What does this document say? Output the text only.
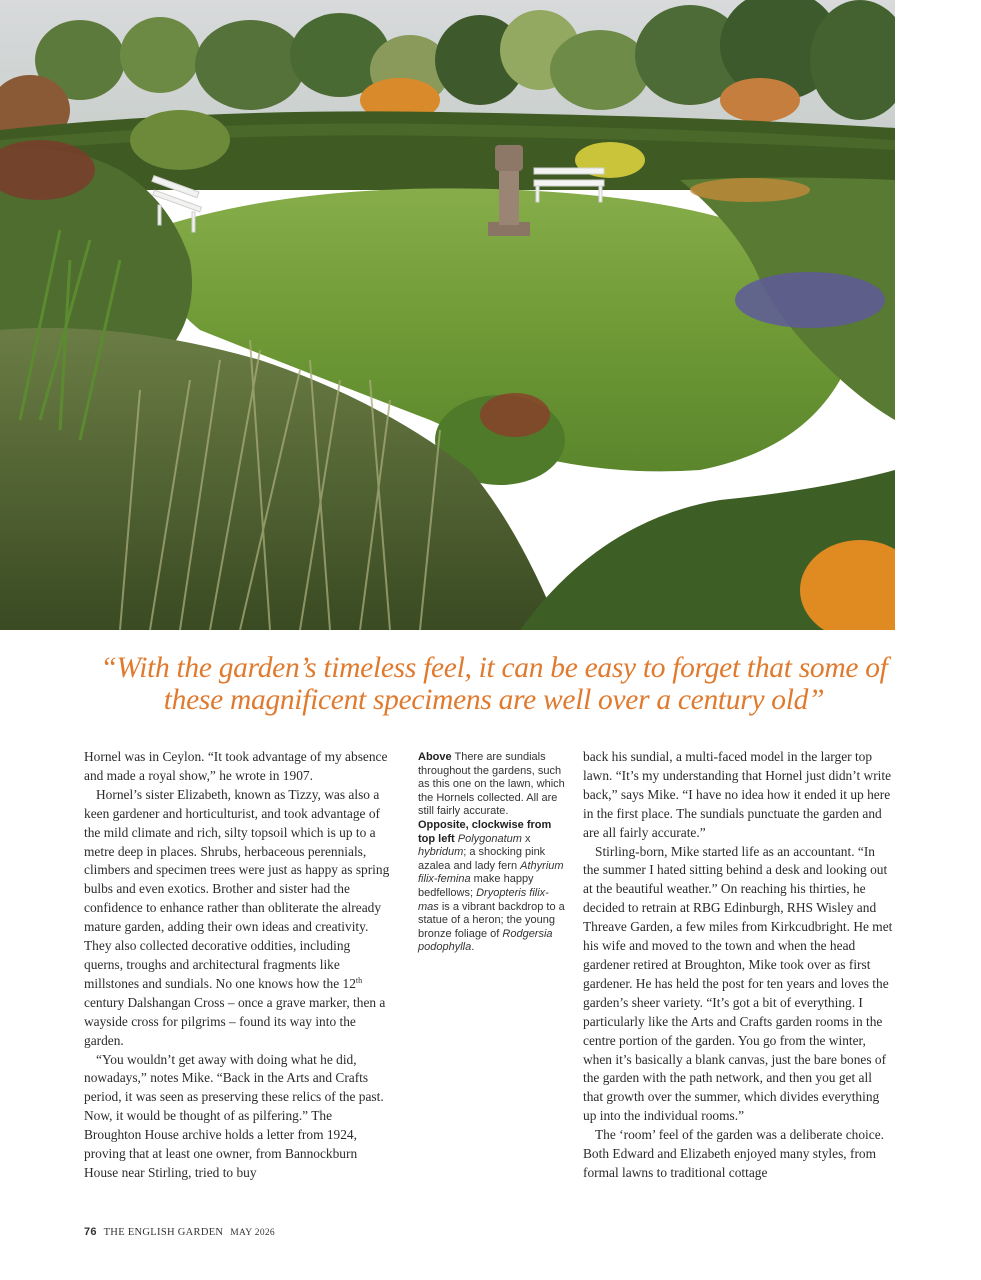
“With the garden’s timeless feel, it can be easy to forget that some of
these magnificent specimens are well over a century old”

Hornel was in Ceylon. “It took advantage of my absence and made a royal show,” he wrote in 1907.

Hornel’s sister Elizabeth, known as Tizzy, was also a keen gardener and horticulturist, and took advantage of the mild climate and rich, silty topsoil which is up to a metre deep in places. Shrubs, herbaceous perennials, climbers and specimen trees were just as happy as spring bulbs and even exotics. Brother and sister had the confidence to enhance rather than obliterate the already mature garden, adding their own ideas and creativity. They also collected decorative oddities, including querns, troughs and architectural fragments like millstones and sundials. No one knows how the 12th century Dalshangan Cross – once a grave marker, then a wayside cross for pilgrims – found its way into the garden.

“You wouldn’t get away with doing what he did, nowadays,” notes Mike. “Back in the Arts and Crafts period, it was seen as preserving these relics of the past. Now, it would be thought of as pilfering.” The Broughton House archive holds a letter from 1924, proving that at least one owner, from Bannockburn House near Stirling, tried to buy

Above There are sundials throughout the gardens, such as this one on the lawn, which the Hornels collected. All are still fairly accurate.
Opposite, clockwise from top left Polygonatum x hybridum; a shocking pink azalea and lady fern Athyrium filix-femina make happy bedfellows; Dryopteris filix-mas is a vibrant backdrop to a statue of a heron; the young bronze foliage of Rodgersia podophylla.

back his sundial, a multi-faced model in the larger top lawn. “It’s my understanding that Hornel just didn’t write back,” says Mike. “I have no idea how it ended it up here in the first place. The sundials punctuate the garden and are all fairly accurate.”

Stirling-born, Mike started life as an accountant. “In the summer I hated sitting behind a desk and looking out at the beautiful weather.” On reaching his thirties, he decided to retrain at RBG Edinburgh, RHS Wisley and Threave Garden, a few miles from Kirkcudbright. He met his wife and moved to the town and when the head gardener retired at Broughton, Mike took over as first gardener. He has held the post for ten years and loves the garden’s sheer variety. “It’s got a bit of everything. I particularly like the Arts and Crafts garden rooms in the centre portion of the garden. You go from the winter, when it’s basically a blank canvas, just the bare bones of the garden with the path network, and then you get all that growth over the summer, which divides everything up into the individual rooms.”

The ‘room’ feel of the garden was a deliberate choice. Both Edward and Elizabeth enjoyed many styles, from formal lawns to traditional cottage

76 THE ENGLISH GARDEN MAY 2026
